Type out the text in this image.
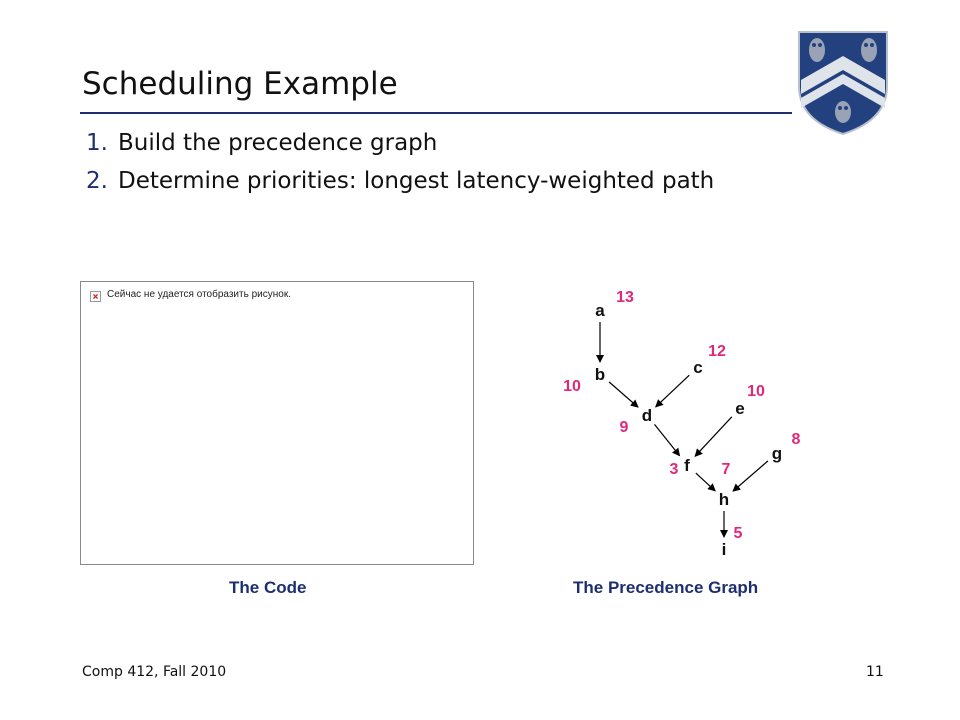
Scheduling Example
1. Build the precedence graph
2. Determine priorities: longest latency-weighted path
Сейчас не удается отобразить рисунок.
a
13
b
10
c
12
d
9
e
10
f 7
g
8
h
5
i
3
The Code	The Precedence Graph
Comp 412, Fall 2010	11
